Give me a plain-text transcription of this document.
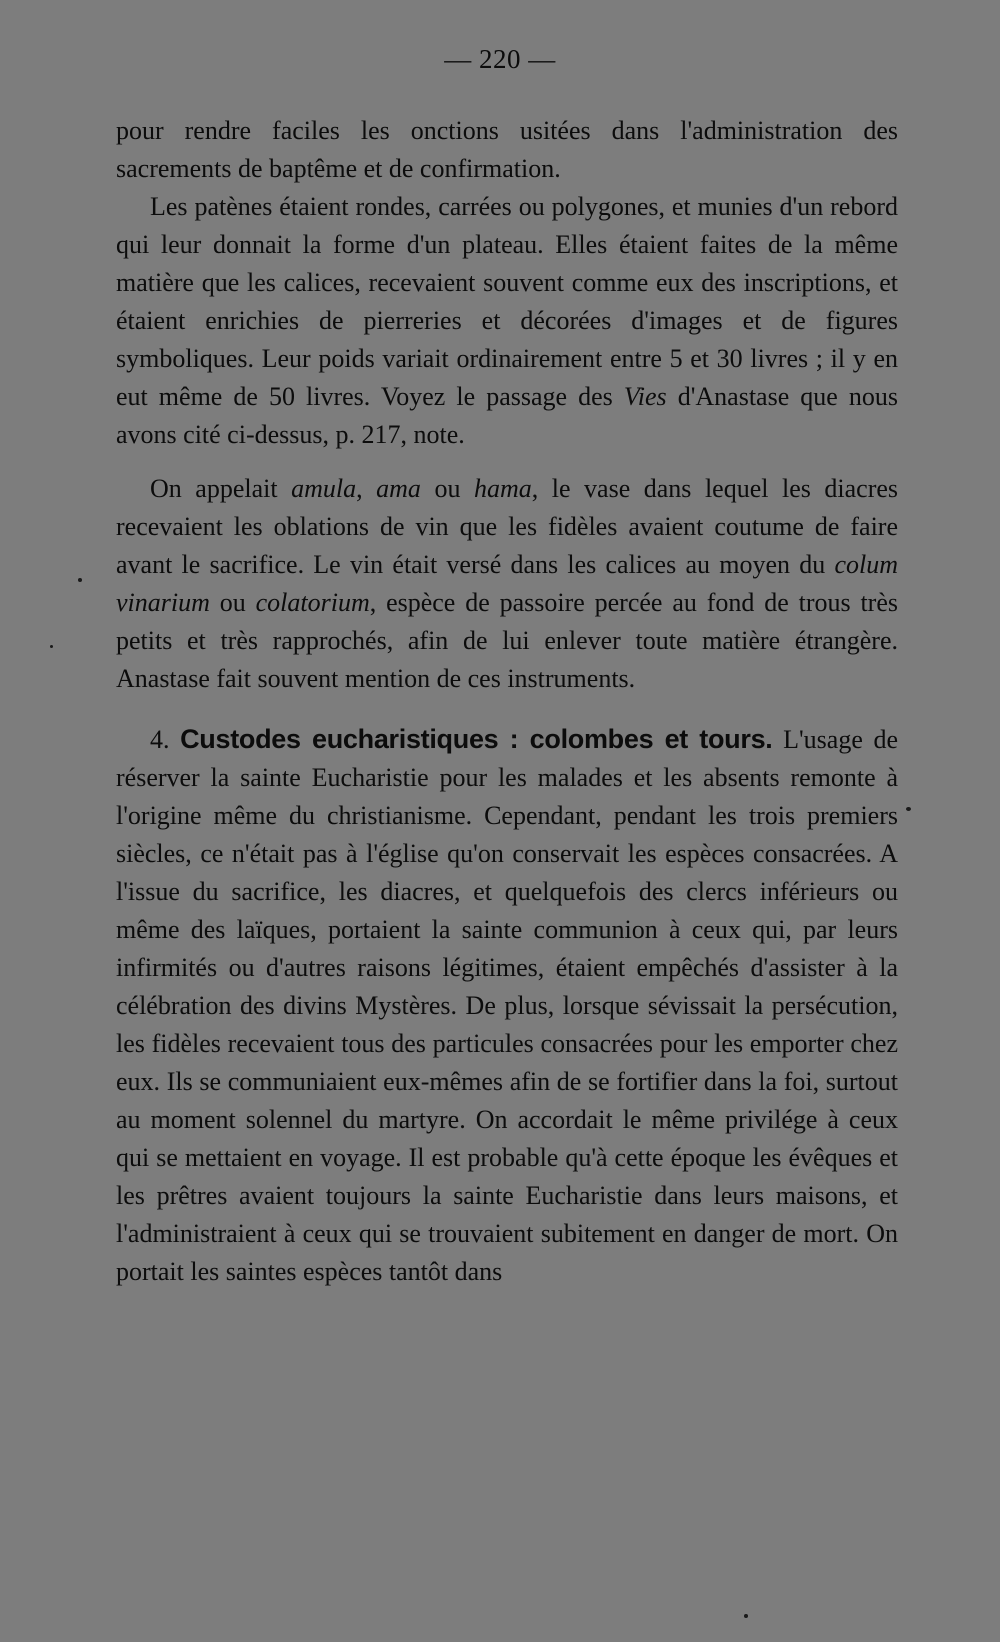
— 220 —

pour rendre faciles les onctions usitées dans l'administration des sacrements de baptême et de confirmation.

Les patènes étaient rondes, carrées ou polygones, et munies d'un rebord qui leur donnait la forme d'un plateau. Elles étaient faites de la même matière que les calices, recevaient souvent comme eux des inscriptions, et étaient enrichies de pierreries et décorées d'images et de figures symboliques. Leur poids variait ordinairement entre 5 et 30 livres ; il y en eut même de 50 livres. Voyez le passage des Vies d'Anastase que nous avons cité ci-dessus, p. 217, note.

On appelait amula, ama ou hama, le vase dans lequel les diacres recevaient les oblations de vin que les fidèles avaient coutume de faire avant le sacrifice. Le vin était versé dans les calices au moyen du colum vinarium ou colatorium, espèce de passoire percée au fond de trous très petits et très rapprochés, afin de lui enlever toute matière étrangère. Anastase fait souvent mention de ces instruments.

4. Custodes eucharistiques : colombes et tours. L'usage de réserver la sainte Eucharistie pour les malades et les absents remonte à l'origine même du christianisme. Cependant, pendant les trois premiers siècles, ce n'était pas à l'église qu'on conservait les espèces consacrées. A l'issue du sacrifice, les diacres, et quelquefois des clercs inférieurs ou même des laïques, portaient la sainte communion à ceux qui, par leurs infirmités ou d'autres raisons légitimes, étaient empêchés d'assister à la célébration des divins Mystères. De plus, lorsque sévissait la persécution, les fidèles recevaient tous des particules consacrées pour les emporter chez eux. Ils se communiaient eux-mêmes afin de se fortifier dans la foi, surtout au moment solennel du martyre. On accordait le même privilége à ceux qui se mettaient en voyage. Il est probable qu'à cette époque les évêques et les prêtres avaient toujours la sainte Eucharistie dans leurs maisons, et l'administraient à ceux qui se trouvaient subitement en danger de mort. On portait les saintes espèces tantôt dans
